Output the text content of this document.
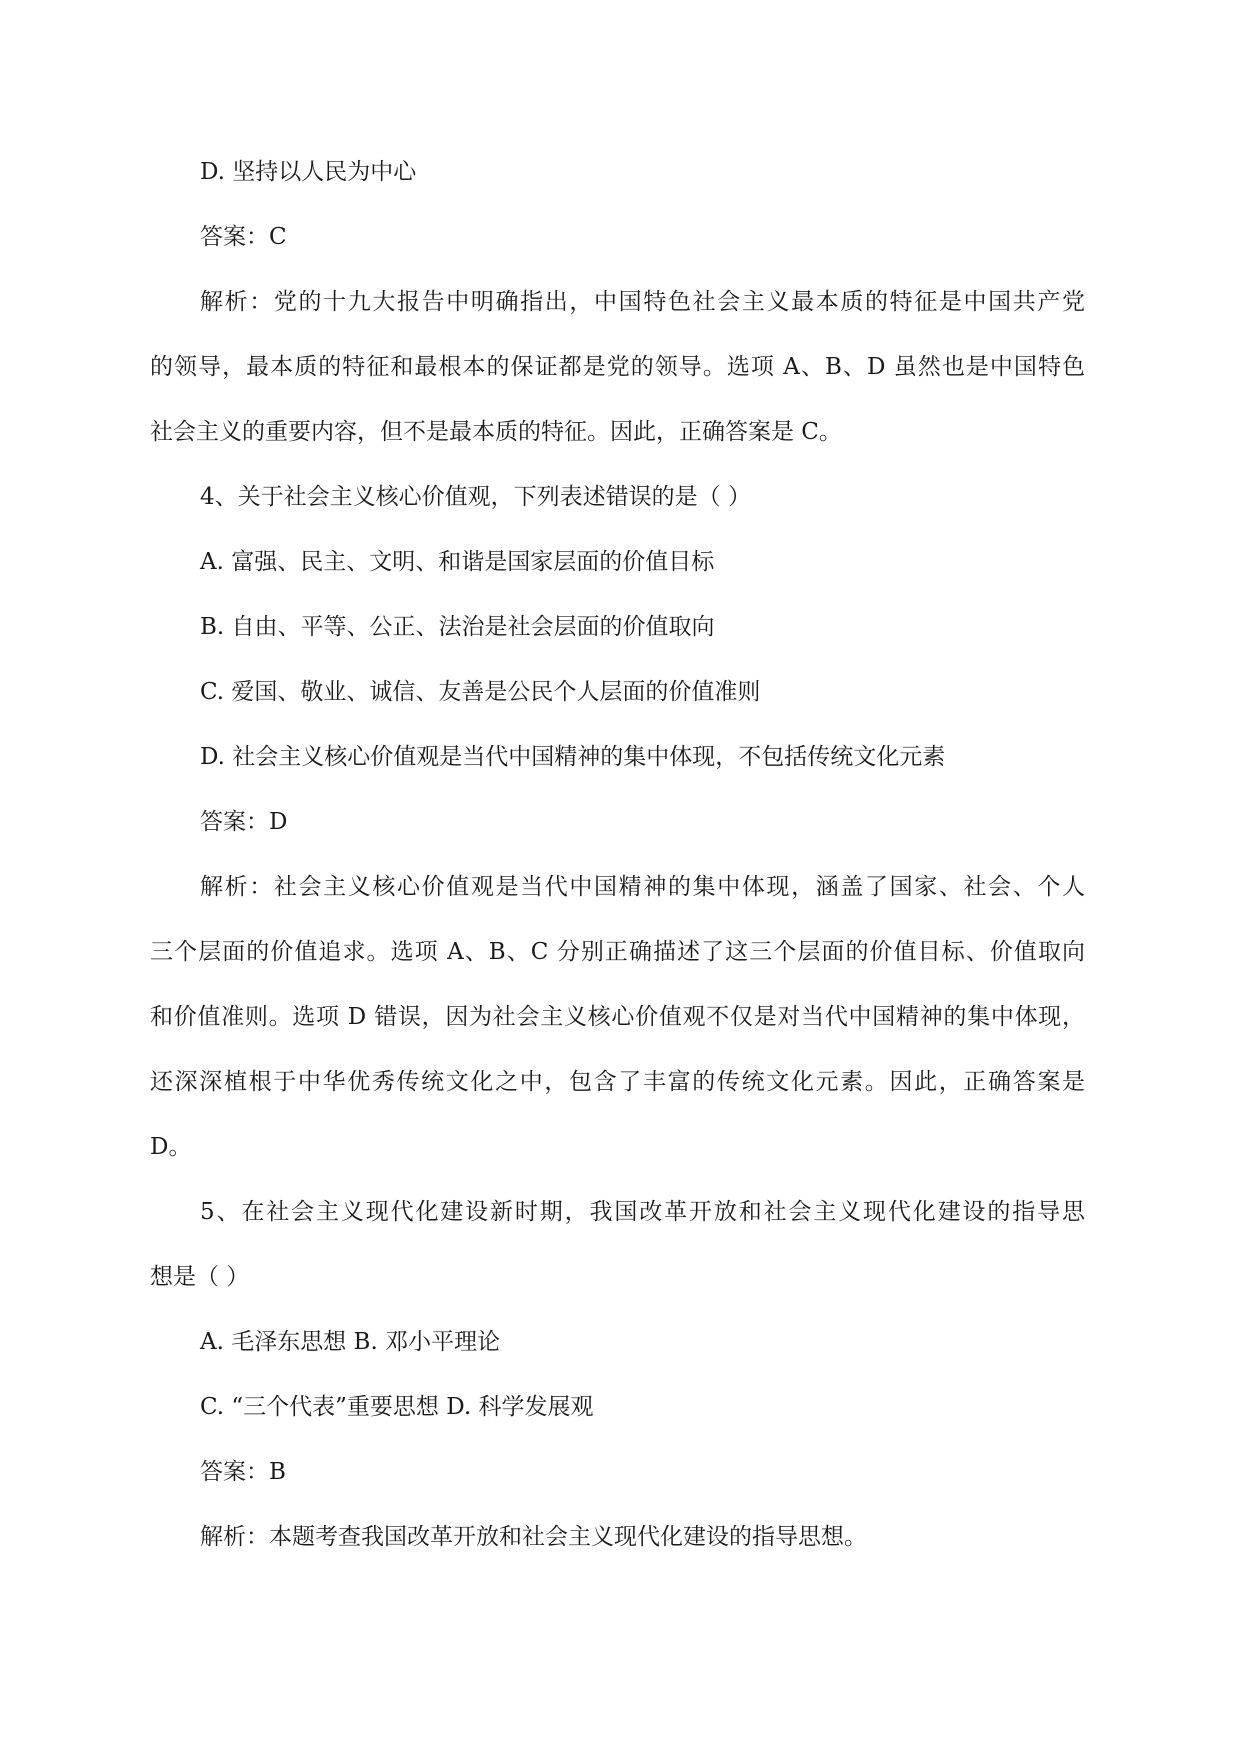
D. 坚持以人民为中心
答案：C
解析：党的十九大报告中明确指出，中国特色社会主义最本质的特征是中国共产党
的领导，最本质的特征和最根本的保证都是党的领导。选项 A、B、D 虽然也是中国特色
社会主义的重要内容，但不是最本质的特征。因此，正确答案是 C。
4、关于社会主义核心价值观，下列表述错误的是（ ）
A. 富强、民主、文明、和谐是国家层面的价值目标
B. 自由、平等、公正、法治是社会层面的价值取向
C. 爱国、敬业、诚信、友善是公民个人层面的价值准则
D. 社会主义核心价值观是当代中国精神的集中体现，不包括传统文化元素
答案：D
解析：社会主义核心价值观是当代中国精神的集中体现，涵盖了国家、社会、个人
三个层面的价值追求。选项 A、B、C 分别正确描述了这三个层面的价值目标、价值取向
和价值准则。选项 D 错误，因为社会主义核心价值观不仅是对当代中国精神的集中体现，
还深深植根于中华优秀传统文化之中，包含了丰富的传统文化元素。因此，正确答案是
D。
5、在社会主义现代化建设新时期，我国改革开放和社会主义现代化建设的指导思
想是（ ）
A. 毛泽东思想 B. 邓小平理论
C. “三个代表”重要思想 D. 科学发展观
答案：B
解析：本题考查我国改革开放和社会主义现代化建设的指导思想。
